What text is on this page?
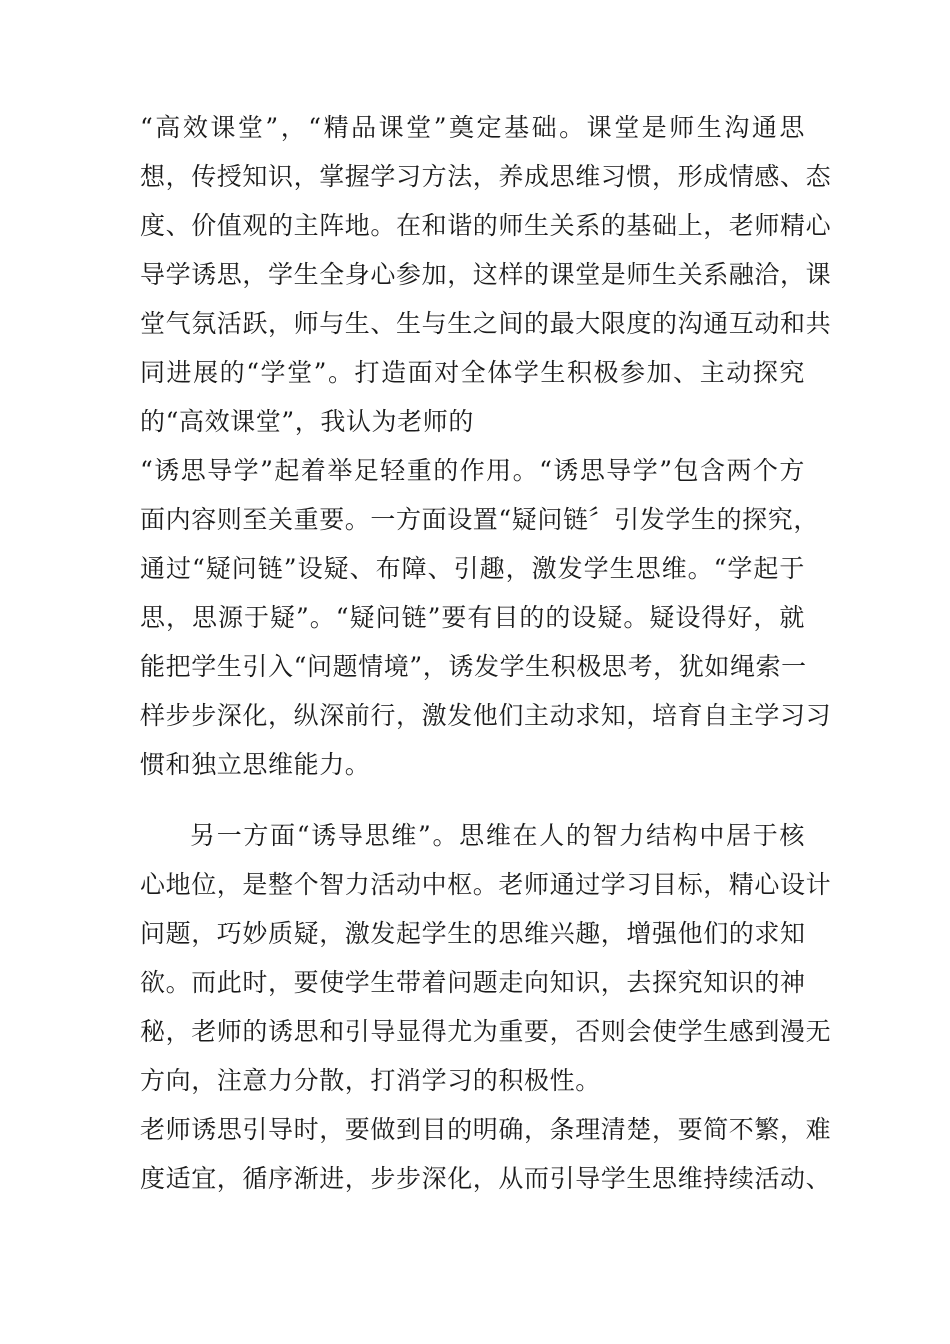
“高效课堂”，“精品课堂”奠定基础。课堂是师生沟通思
想，传授知识，掌握学习方法，养成思维习惯，形成情感、态
度、价值观的主阵地。在和谐的师生关系的基础上，老师精心
导学诱思，学生全身心参加，这样的课堂是师生关系融洽，课
堂气氛活跃，师与生、生与生之间的最大限度的沟通互动和共
同进展的“学堂”。打造面对全体学生积极参加、主动探究
的“高效课堂”，我认为老师的
“诱思导学”起着举足轻重的作用。“诱思导学”包含两个方
面内容则至关重要。一方面设置“疑问链〞引发学生的探究，
通过“疑问链”设疑、布障、引趣，激发学生思维。“学起于
思，思源于疑”。“疑问链”要有目的的设疑。疑设得好，就
能把学生引入“问题情境”，诱发学生积极思考，犹如绳索一
样步步深化，纵深前行，激发他们主动求知，培育自主学习习
惯和独立思维能力。
另一方面“诱导思维”。思维在人的智力结构中居于核
心地位，是整个智力活动中枢。老师通过学习目标，精心设计
问题，巧妙质疑，激发起学生的思维兴趣，增强他们的求知
欲。而此时，要使学生带着问题走向知识，去探究知识的神
秘，老师的诱思和引导显得尤为重要，否则会使学生感到漫无
方向，注意力分散，打消学习的积极性。
老师诱思引导时，要做到目的明确，条理清楚，要简不繁，难
度适宜，循序渐进，步步深化，从而引导学生思维持续活动、
